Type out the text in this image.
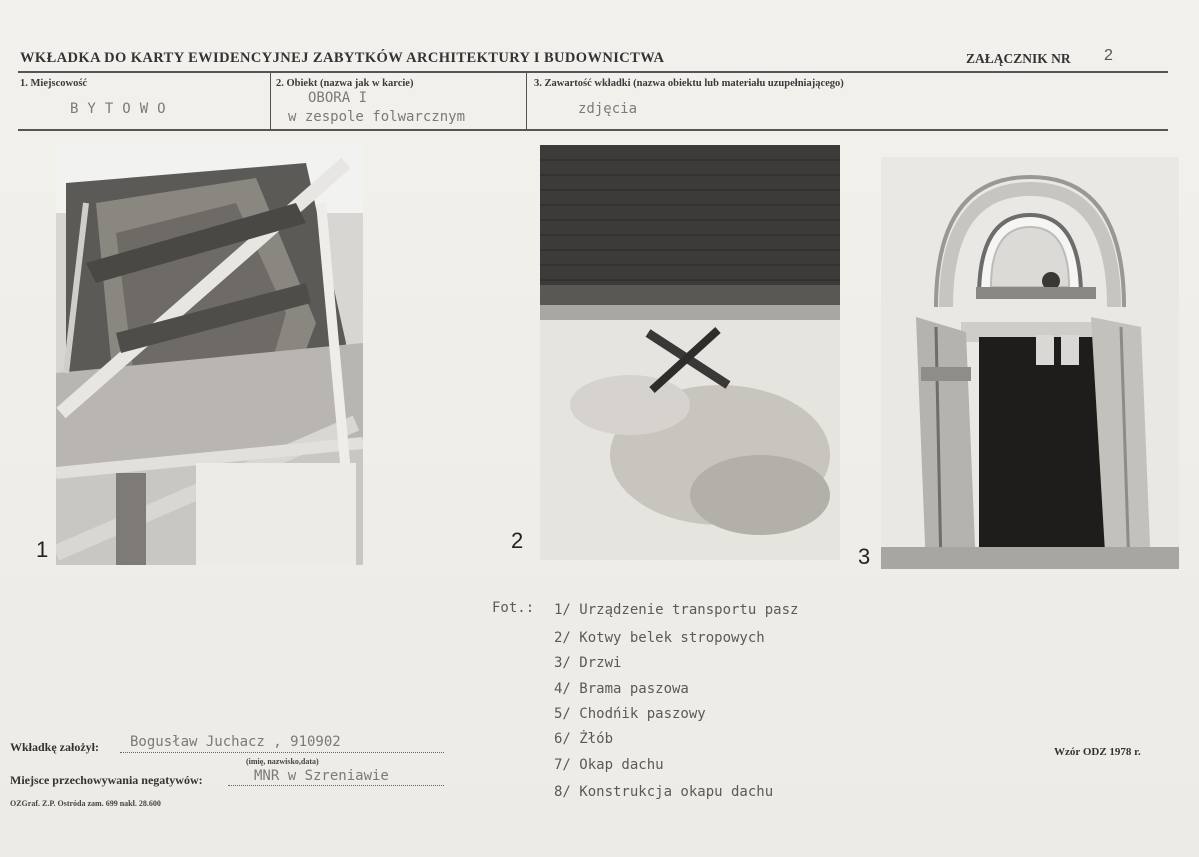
WKŁADKA DO KARTY EWIDENCYJNEJ ZABYTKÓW ARCHITEKTURY I BUDOWNICTWA	ZAŁĄCZNIK NR 2
1. Miejscowość
BYTOWO
2. Obiekt (nazwa jak w karcie)
OBORA I
w zespole folwarcznym
3. Zawartość wkładki (nazwa obiektu lub materiału uzupełniającego)
zdjęcia
1	2
3
Fot.: 1/ Urządzenie transportu pasz
2/ Kotwy belek stropowych
3/ Drzwi
4/ Brama paszowa
5/ Chodńik paszowy
6/ Żłób
7/ Okap dachu
8/ Konstrukcja okapu dachu
Wkładkę założył: Bogusław Juchacz , 910902
(imię, nazwisko,data)
Miejsce przechowywania negatywów:	MNR w Szreniawie
OZGraf. Z.P. Ostróda zam. 699 nakł. 28.600
Wzór ODZ 1978 r.
